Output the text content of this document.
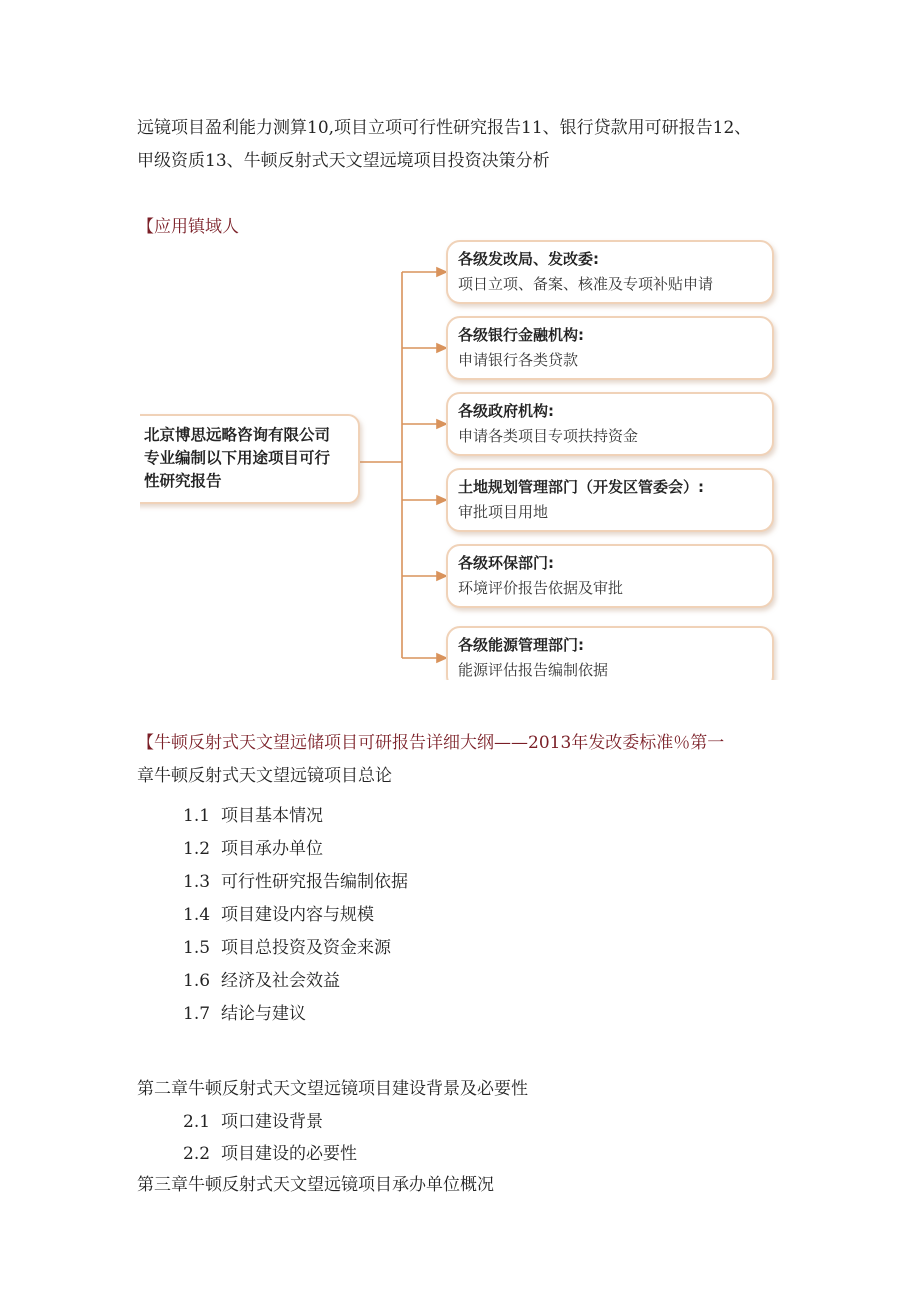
远镜项目盈利能力测算10,项目立项可行性研究报告11、银行贷款用可研报告12、

甲级资质13、牛顿反射式天文望远境项目投资决策分析

【应用镇域人
北京博思远略咨询有限公司
专业编制以下用途项目可行
性研究报告
各级发改局、发改委:
项日立项、备案、核准及专项补贴申请
各级银行金融机构:
申请银行各类贷款
各级政府机构:
申请各类项目专项扶持资金
土地规划管理部门（开发区管委会）:
审批项目用地
各级环保部门:
环境评价报告依据及审批
各级能源管理部门:
能源评估报告编制依据
【牛顿反射式天文望远储项目可研报告详细大纲——2013年发改委标准％第一
章牛顿反射式天文望远镜项目总论
1.1 项目基本情况
1.2 项目承办单位
1.3 可行性研究报告编制依据
1.4 项目建设内容与规模
1.5 项目总投资及资金来源
1.6 经济及社会效益
1.7 结论与建议
第二章牛顿反射式天文望远镜项目建设背景及必要性
2.1 项口建设背景
2.2 项目建设的必要性
第三章牛顿反射式天文望远镜项目承办单位概况
